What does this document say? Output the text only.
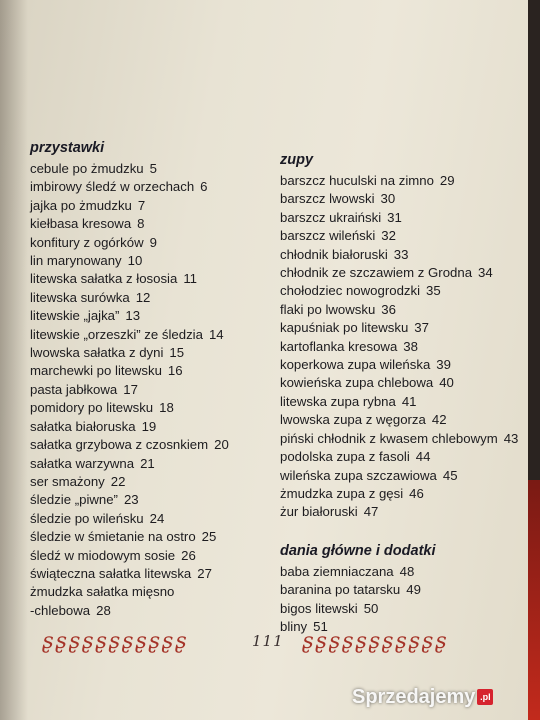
przystawki
cebule po żmudzku 5
imbirowy śledź w orzechach 6
jajka po żmudzku 7
kiełbasa kresowa 8
konfitury z ogórków 9
lin marynowany 10
litewska sałatka z łososia 11
litewska surówka 12
litewskie „jajka” 13
litewskie „orzeszki” ze śledzia 14
lwowska sałatka z dyni 15
marchewki po litewsku 16
pasta jabłkowa 17
pomidory po litewsku 18
sałatka białoruska 19
sałatka grzybowa z czosnkiem 20
sałatka warzywna 21
ser smażony 22
śledzie „piwne” 23
śledzie po wileńsku 24
śledzie w śmietanie na ostro 25
śledź w miodowym sosie 26
świąteczna sałatka litewska 27
żmudzka sałatka mięsno
-chlebowa 28
zupy
barszcz huculski na zimno 29
barszcz lwowski 30
barszcz ukraiński 31
barszcz wileński 32
chłodnik białoruski 33
chłodnik ze szczawiem z Grodna 34
chołodziec nowogrodzki 35
flaki po lwowsku 36
kapuśniak po litewsku 37
kartoflanka kresowa 38
koperkowa zupa wileńska 39
kowieńska zupa chlebowa 40
litewska zupa rybna 41
lwowska zupa z węgorza 42
piński chłodnik z kwasem chlebowym 43
podolska zupa z fasoli 44
wileńska zupa szczawiowa 45
żmudzka zupa z gęsi 46
żur białoruski 47
dania główne i dodatki
baba ziemniaczana 48
baranina po tatarsku 49
bigos litewski 50
bliny 51
ʂ ʂ ʂ ʂ ʂ ʂ ʂ ʂ ʂ ʂ ʂ	111 ʂ ʂ ʂ ʂ ʂ ʂ ʂ ʂ ʂ ʂ ʂ
Sprzedajemy .pl
